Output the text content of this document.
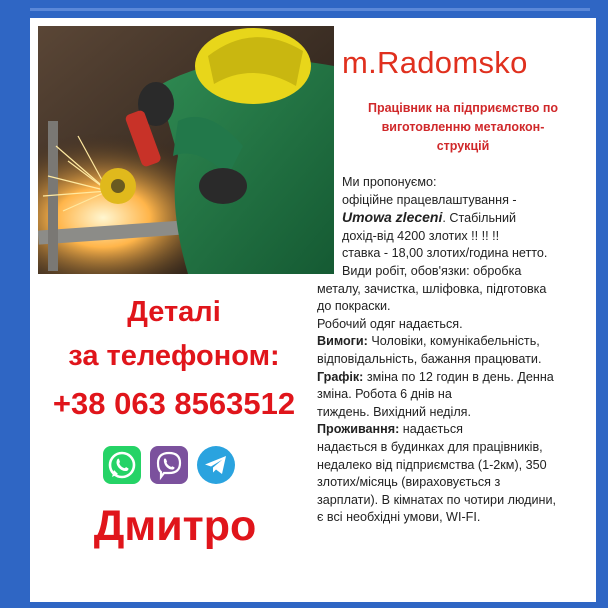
m.Radomsko
Працівник на підприємство по
виготовленню металокон-
струкцій

Ми пропонуємо:

офіційне працевлаштування -

Umowa zleceni. Стабільний

дохід-від 4200 злотих !! !! !!

ставка - 18,00 злотих/година нетто.

Види робіт, обов'язки: обробка

металу, зачистка, шліфовка, підготовка

до покраски.

Робочий одяг надається.

Вимоги: Чоловіки, комунікабельність,

відповідальність, бажання працювати.

Графік: зміна по 12 годин в день. Денна

зміна. Робота 6 днів на

тиждень. Вихідний неділя.

Проживання: надається

надається в будинках для працівників,

недалеко від підприємства (1-2км), 350

злотих/місяць (вираховується з

зарплати). В кімнатах по чотири людини,

є всі необхідні умови, WI-FI.

Деталі
за телефоном:
+38 063 8563512
Дмитро
